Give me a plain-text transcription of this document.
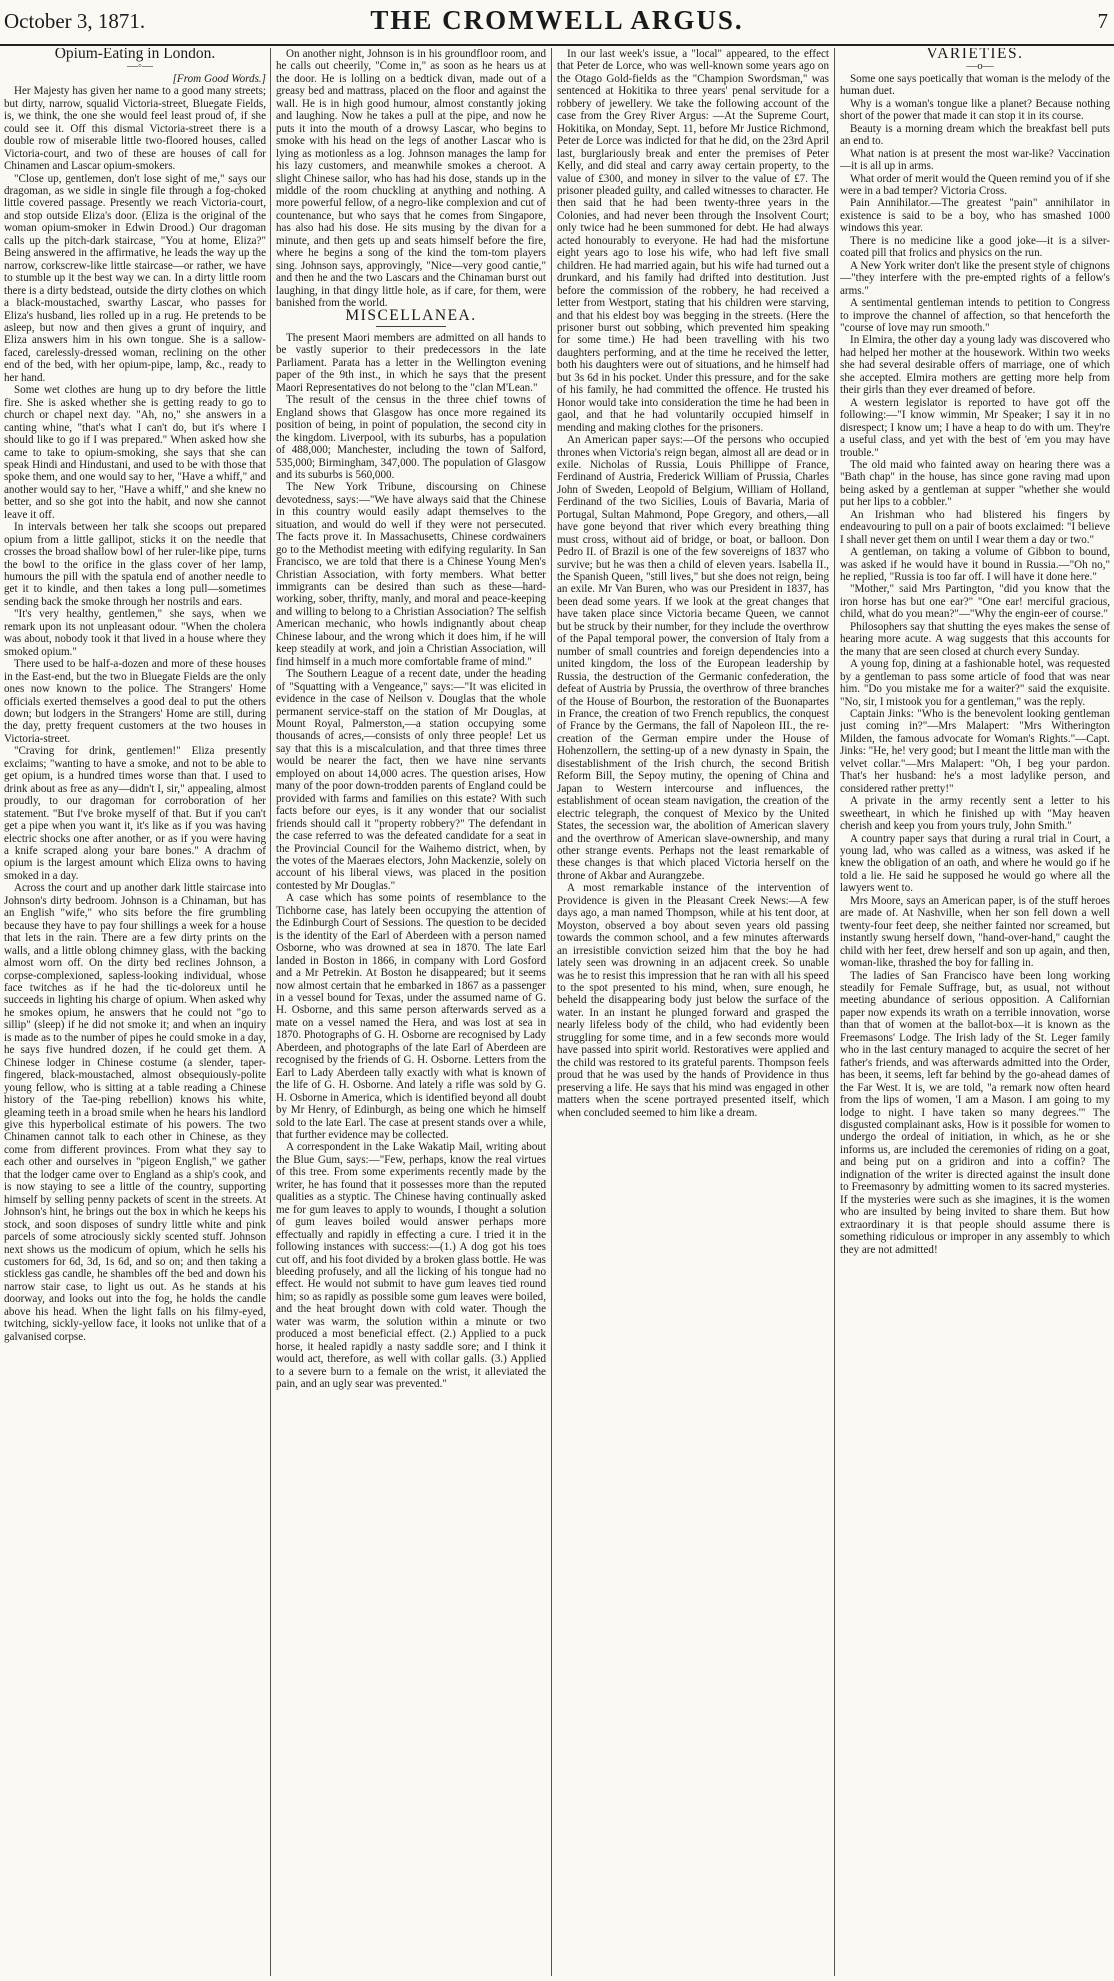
October 3, 1871.	THE CROMWELL ARGUS.	7

Opium-Eating in London.

—◦—

[From Good Words.]

Her Majesty has given her name to a good many streets; but dirty, narrow, squalid Victoria-street, Bluegate Fields, is, we think, the one she would feel least proud of, if she could see it. Off this dismal Victoria-street there is a double row of miserable little two-floored houses, called Victoria-court, and two of these are houses of call for Chinamen and Lascar opium-smokers.

"Close up, gentlemen, don't lose sight of me," says our dragoman, as we sidle in single file through a fog-choked little covered passage. Presently we reach Victoria-court, and stop outside Eliza's door. (Eliza is the original of the woman opium-smoker in Edwin Drood.) Our dragoman calls up the pitch-dark staircase, "You at home, Eliza?" Being answered in the affirmative, he leads the way up the narrow, corkscrew-like little staircase—or rather, we have to stumble up it the best way we can. In a dirty little room there is a dirty bedstead, outside the dirty clothes on which a black-moustached, swarthy Lascar, who passes for Eliza's husband, lies rolled up in a rug. He pretends to be asleep, but now and then gives a grunt of inquiry, and Eliza answers him in his own tongue. She is a sallow-faced, carelessly-dressed woman, reclining on the other end of the bed, with her opium-pipe, lamp, &c., ready to her hand.

Some wet clothes are hung up to dry before the little fire. She is asked whether she is getting ready to go to church or chapel next day. "Ah, no," she answers in a canting whine, "that's what I can't do, but it's where I should like to go if I was prepared." When asked how she came to take to opium-smoking, she says that she can speak Hindi and Hindustani, and used to be with those that spoke them, and one would say to her, "Have a whiff," and another would say to her, "Have a whiff," and she knew no better, and so she got into the habit, and now she cannot leave it off.

In intervals between her talk she scoops out prepared opium from a little gallipot, sticks it on the needle that crosses the broad shallow bowl of her ruler-like pipe, turns the bowl to the orifice in the glass cover of her lamp, humours the pill with the spatula end of another needle to get it to kindle, and then takes a long pull—sometimes sending back the smoke through her nostrils and ears.

"It's very healthy, gentlemen," she says, when we remark upon its not unpleasant odour. "When the cholera was about, nobody took it that lived in a house where they smoked opium."

There used to be half-a-dozen and more of these houses in the East-end, but the two in Bluegate Fields are the only ones now known to the police. The Strangers' Home officials exerted themselves a good deal to put the others down; but lodgers in the Strangers' Home are still, during the day, pretty frequent customers at the two houses in Victoria-street.

"Craving for drink, gentlemen!" Eliza presently exclaims; "wanting to have a smoke, and not to be able to get opium, is a hundred times worse than that. I used to drink about as free as any—didn't I, sir," appealing, almost proudly, to our dragoman for corroboration of her statement. "But I've broke myself of that. But if you can't get a pipe when you want it, it's like as if you was having electric shocks one after another, or as if you were having a knife scraped along your bare bones." A drachm of opium is the largest amount which Eliza owns to having smoked in a day.

Across the court and up another dark little staircase into Johnson's dirty bedroom. Johnson is a Chinaman, but has an English "wife," who sits before the fire grumbling because they have to pay four shillings a week for a house that lets in the rain. There are a few dirty prints on the walls, and a little oblong chimney glass, with the backing almost worn off. On the dirty bed reclines Johnson, a corpse-complexioned, sapless-looking individual, whose face twitches as if he had the tic-doloreux until he succeeds in lighting his charge of opium. When asked why he smokes opium, he answers that he could not "go to sillip" (sleep) if he did not smoke it; and when an inquiry is made as to the number of pipes he could smoke in a day, he says five hundred dozen, if he could get them. A Chinese lodger in Chinese costume (a slender, taper-fingered, black-moustached, almost obsequiously-polite young fellow, who is sitting at a table reading a Chinese history of the Tae-ping rebellion) knows his white, gleaming teeth in a broad smile when he hears his landlord give this hyperbolical estimate of his powers. The two Chinamen cannot talk to each other in Chinese, as they come from different provinces. From what they say to each other and ourselves in "pigeon English," we gather that the lodger came over to England as a ship's cook, and is now staying to see a little of the country, supporting himself by selling penny packets of scent in the streets. At Johnson's hint, he brings out the box in which he keeps his stock, and soon disposes of sundry little white and pink parcels of some atrociously sickly scented stuff. Johnson next shows us the modicum of opium, which he sells his customers for 6d, 3d, 1s 6d, and so on; and then taking a stickless gas candle, he shambles off the bed and down his narrow stair case, to light us out. As he stands at his doorway, and looks out into the fog, he holds the candle above his head. When the light falls on his filmy-eyed, twitching, sickly-yellow face, it looks not unlike that of a galvanised corpse.

On another night, Johnson is in his groundfloor room, and he calls out cheerily, "Come in," as soon as he hears us at the door. He is lolling on a bedtick divan, made out of a greasy bed and mattrass, placed on the floor and against the wall. He is in high good humour, almost constantly joking and laughing. Now he takes a pull at the pipe, and now he puts it into the mouth of a drowsy Lascar, who begins to smoke with his head on the legs of another Lascar who is lying as motionless as a log. Johnson manages the lamp for his lazy customers, and meanwhile smokes a cheroot. A slight Chinese sailor, who has had his dose, stands up in the middle of the room chuckling at anything and nothing. A more powerful fellow, of a negro-like complexion and cut of countenance, but who says that he comes from Singapore, has also had his dose. He sits musing by the divan for a minute, and then gets up and seats himself before the fire, where he begins a song of the kind the tom-tom players sing. Johnson says, approvingly, "Nice—very good cantie," and then he and the two Lascars and the Chinaman burst out laughing, in that dingy little hole, as if care, for them, were banished from the world.

MISCELLANEA.

The present Maori members are admitted on all hands to be vastly superior to their predecessors in the late Parliament. Parata has a letter in the Wellington evening paper of the 9th inst., in which he says that the present Maori Representatives do not belong to the "clan M'Lean."

The result of the census in the three chief towns of England shows that Glasgow has once more regained its position of being, in point of population, the second city in the kingdom. Liverpool, with its suburbs, has a population of 488,000; Manchester, including the town of Salford, 535,000; Birmingham, 347,000. The population of Glasgow and its suburbs is 560,000.

The New York Tribune, discoursing on Chinese devotedness, says:—"We have always said that the Chinese in this country would easily adapt themselves to the situation, and would do well if they were not persecuted. The facts prove it. In Massachusetts, Chinese cordwainers go to the Methodist meeting with edifying regularity. In San Francisco, we are told that there is a Chinese Young Men's Christian Association, with forty members. What better immigrants can be desired than such as these—hard-working, sober, thrifty, manly, and moral and peace-keeping and willing to belong to a Christian Association? The selfish American mechanic, who howls indignantly about cheap Chinese labour, and the wrong which it does him, if he will keep steadily at work, and join a Christian Association, will find himself in a much more comfortable frame of mind."

The Southern League of a recent date, under the heading of "Squatting with a Vengeance," says:—"It was elicited in evidence in the case of Neilson v. Douglas that the whole permanent service-staff on the station of Mr Douglas, at Mount Royal, Palmerston,—a station occupying some thousands of acres,—consists of only three people! Let us say that this is a miscalculation, and that three times three would be nearer the fact, then we have nine servants employed on about 14,000 acres. The question arises, How many of the poor down-trodden parents of England could be provided with farms and families on this estate? With such facts before our eyes, is it any wonder that our socialist friends should call it "property robbery?" The defendant in the case referred to was the defeated candidate for a seat in the Provincial Council for the Waihemo district, when, by the votes of the Maeraes electors, John Mackenzie, solely on account of his liberal views, was placed in the position contested by Mr Douglas."

A case which has some points of resemblance to the Tichborne case, has lately been occupying the attention of the Edinburgh Court of Sessions. The question to be decided is the identity of the Earl of Aberdeen with a person named Osborne, who was drowned at sea in 1870. The late Earl landed in Boston in 1866, in company with Lord Gosford and a Mr Petrekin. At Boston he disappeared; but it seems now almost certain that he embarked in 1867 as a passenger in a vessel bound for Texas, under the assumed name of G. H. Osborne, and this same person afterwards served as a mate on a vessel named the Hera, and was lost at sea in 1870. Photographs of G. H. Osborne are recognised by Lady Aberdeen, and photographs of the late Earl of Aberdeen are recognised by the friends of G. H. Osborne. Letters from the Earl to Lady Aberdeen tally exactly with what is known of the life of G. H. Osborne. And lately a rifle was sold by G. H. Osborne in America, which is identified beyond all doubt by Mr Henry, of Edinburgh, as being one which he himself sold to the late Earl. The case at present stands over a while, that further evidence may be collected.

A correspondent in the Lake Wakatip Mail, writing about the Blue Gum, says:—"Few, perhaps, know the real virtues of this tree. From some experiments recently made by the writer, he has found that it possesses more than the reputed qualities as a styptic. The Chinese having continually asked me for gum leaves to apply to wounds, I thought a solution of gum leaves boiled would answer perhaps more effectually and rapidly in effecting a cure. I tried it in the following instances with success:—(1.) A dog got his toes cut off, and his foot divided by a broken glass bottle. He was bleeding profusely, and all the licking of his tongue had no effect. He would not submit to have gum leaves tied round him; so as rapidly as possible some gum leaves were boiled, and the heat brought down with cold water. Though the water was warm, the solution within a minute or two produced a most beneficial effect. (2.) Applied to a puck horse, it healed rapidly a nasty saddle sore; and I think it would act, therefore, as well with collar galls. (3.) Applied to a severe burn to a female on the wrist, it alleviated the pain, and an ugly sear was prevented."

In our last week's issue, a "local" appeared, to the effect that Peter de Lorce, who was well-known some years ago on the Otago Gold-fields as the "Champion Swordsman," was sentenced at Hokitika to three years' penal servitude for a robbery of jewellery. We take the following account of the case from the Grey River Argus: —At the Supreme Court, Hokitika, on Monday, Sept. 11, before Mr Justice Richmond, Peter de Lorce was indicted for that he did, on the 23rd April last, burglariously break and enter the premises of Peter Kelly, and did steal and carry away certain property, to the value of £300, and money in silver to the value of £7. The prisoner pleaded guilty, and called witnesses to character. He then said that he had been twenty-three years in the Colonies, and had never been through the Insolvent Court; only twice had he been summoned for debt. He had always acted honourably to everyone. He had had the misfortune eight years ago to lose his wife, who had left five small children. He had married again, but his wife had turned out a drunkard, and his family had drifted into destitution. Just before the commission of the robbery, he had received a letter from Westport, stating that his children were starving, and that his eldest boy was begging in the streets. (Here the prisoner burst out sobbing, which prevented him speaking for some time.) He had been travelling with his two daughters performing, and at the time he received the letter, both his daughters were out of situations, and he himself had but 3s 6d in his pocket. Under this pressure, and for the sake of his family, he had committed the offence. He trusted his Honor would take into consideration the time he had been in gaol, and that he had voluntarily occupied himself in mending and making clothes for the prisoners.

An American paper says:—Of the persons who occupied thrones when Victoria's reign began, almost all are dead or in exile. Nicholas of Russia, Louis Phillippe of France, Ferdinand of Austria, Frederick William of Prussia, Charles John of Sweden, Leopold of Belgium, William of Holland, Ferdinand of the two Sicilies, Louis of Bavaria, Maria of Portugal, Sultan Mahmond, Pope Gregory, and others,—all have gone beyond that river which every breathing thing must cross, without aid of bridge, or boat, or balloon. Don Pedro II. of Brazil is one of the few sovereigns of 1837 who survive; but he was then a child of eleven years. Isabella II., the Spanish Queen, "still lives," but she does not reign, being an exile. Mr Van Buren, who was our President in 1837, has been dead some years. If we look at the great changes that have taken place since Victoria became Queen, we cannot but be struck by their number, for they include the overthrow of the Papal temporal power, the conversion of Italy from a number of small countries and foreign dependencies into a united kingdom, the loss of the European leadership by Russia, the destruction of the Germanic confederation, the defeat of Austria by Prussia, the overthrow of three branches of the House of Bourbon, the restoration of the Buonapartes in France, the creation of two French republics, the conquest of France by the Germans, the fall of Napoleon III., the re-creation of the German empire under the House of Hohenzollern, the setting-up of a new dynasty in Spain, the disestablishment of the Irish church, the second British Reform Bill, the Sepoy mutiny, the opening of China and Japan to Western intercourse and influences, the establishment of ocean steam navigation, the creation of the electric telegraph, the conquest of Mexico by the United States, the secession war, the abolition of American slavery and the overthrow of American slave-ownership, and many other strange events. Perhaps not the least remarkable of these changes is that which placed Victoria herself on the throne of Akbar and Aurangzebe.

A most remarkable instance of the intervention of Providence is given in the Pleasant Creek News:—A few days ago, a man named Thompson, while at his tent door, at Moyston, observed a boy about seven years old passing towards the common school, and a few minutes afterwards an irresistible conviction seized him that the boy he had lately seen was drowning in an adjacent creek. So unable was he to resist this impression that he ran with all his speed to the spot presented to his mind, when, sure enough, he beheld the disappearing body just below the surface of the water. In an instant he plunged forward and grasped the nearly lifeless body of the child, who had evidently been struggling for some time, and in a few seconds more would have passed into spirit world. Restoratives were applied and the child was restored to its grateful parents. Thompson feels proud that he was used by the hands of Providence in thus preserving a life. He says that his mind was engaged in other matters when the scene portrayed presented itself, which when concluded seemed to him like a dream.

VARIETIES.

—o—

Some one says poetically that woman is the melody of the human duet.

Why is a woman's tongue like a planet? Because nothing short of the power that made it can stop it in its course.

Beauty is a morning dream which the breakfast bell puts an end to.

What nation is at present the most war-like? Vaccination—it is all up in arms.

What order of merit would the Queen remind you of if she were in a bad temper? Victoria Cross.

Pain Annihilator.—The greatest "pain" annihilator in existence is said to be a boy, who has smashed 1000 windows this year.

There is no medicine like a good joke—it is a silver-coated pill that frolics and physics on the run.

A New York writer don't like the present style of chignons—"they interfere with the pre-empted rights of a fellow's arms."

A sentimental gentleman intends to petition to Congress to improve the channel of affection, so that henceforth the "course of love may run smooth."

In Elmira, the other day a young lady was discovered who had helped her mother at the housework. Within two weeks she had several desirable offers of marriage, one of which she accepted. Elmira mothers are getting more help from their girls than they ever dreamed of before.

A western legislator is reported to have got off the following:—"I know wimmin, Mr Speaker; I say it in no disrespect; I know um; I have a heap to do with um. They're a useful class, and yet with the best of 'em you may have trouble."

The old maid who fainted away on hearing there was a "Bath chap" in the house, has since gone raving mad upon being asked by a gentleman at supper "whether she would put her lips to a cobbler."

An Irishman who had blistered his fingers by endeavouring to pull on a pair of boots exclaimed: "I believe I shall never get them on until I wear them a day or two."

A gentleman, on taking a volume of Gibbon to bound, was asked if he would have it bound in Russia.—"Oh no," he replied, "Russia is too far off. I will have it done here."

"Mother," said Mrs Partington, "did you know that the iron horse has but one ear?" "One ear! merciful gracious, child, what do you mean?"—"Why the engin-eer of course."

Philosophers say that shutting the eyes makes the sense of hearing more acute. A wag suggests that this accounts for the many that are seen closed at church every Sunday.

A young fop, dining at a fashionable hotel, was requested by a gentleman to pass some article of food that was near him. "Do you mistake me for a waiter?" said the exquisite. "No, sir, I mistook you for a gentleman," was the reply.

Captain Jinks: "Who is the benevolent looking gentleman just coming in?"—Mrs Malapert: "Mrs Witherington Milden, the famous advocate for Woman's Rights."—Capt. Jinks: "He, he! very good; but I meant the little man with the velvet collar."—Mrs Malapert: "Oh, I beg your pardon. That's her husband: he's a most ladylike person, and considered rather pretty!"

A private in the army recently sent a letter to his sweetheart, in which he finished up with "May heaven cherish and keep you from yours truly, John Smith."

A country paper says that during a rural trial in Court, a young lad, who was called as a witness, was asked if he knew the obligation of an oath, and where he would go if he told a lie. He said he supposed he would go where all the lawyers went to.

Mrs Moore, says an American paper, is of the stuff heroes are made of. At Nashville, when her son fell down a well twenty-four feet deep, she neither fainted nor screamed, but instantly swung herself down, "hand-over-hand," caught the child with her feet, drew herself and son up again, and then, woman-like, thrashed the boy for falling in.

The ladies of San Francisco have been long working steadily for Female Suffrage, but, as usual, not without meeting abundance of serious opposition. A Californian paper now expends its wrath on a terrible innovation, worse than that of women at the ballot-box—it is known as the Freemasons' Lodge. The Irish lady of the St. Leger family who in the last century managed to acquire the secret of her father's friends, and was afterwards admitted into the Order, has been, it seems, left far behind by the go-ahead dames of the Far West. It is, we are told, "a remark now often heard from the lips of women, 'I am a Mason. I am going to my lodge to night. I have taken so many degrees.'" The disgusted complainant asks, How is it possible for women to undergo the ordeal of initiation, in which, as he or she informs us, are included the ceremonies of riding on a goat, and being put on a gridiron and into a coffin? The indignation of the writer is directed against the insult done to Freemasonry by admitting women to its sacred mysteries. If the mysteries were such as she imagines, it is the women who are insulted by being invited to share them. But how extraordinary it is that people should assume there is something ridiculous or improper in any assembly to which they are not admitted!
